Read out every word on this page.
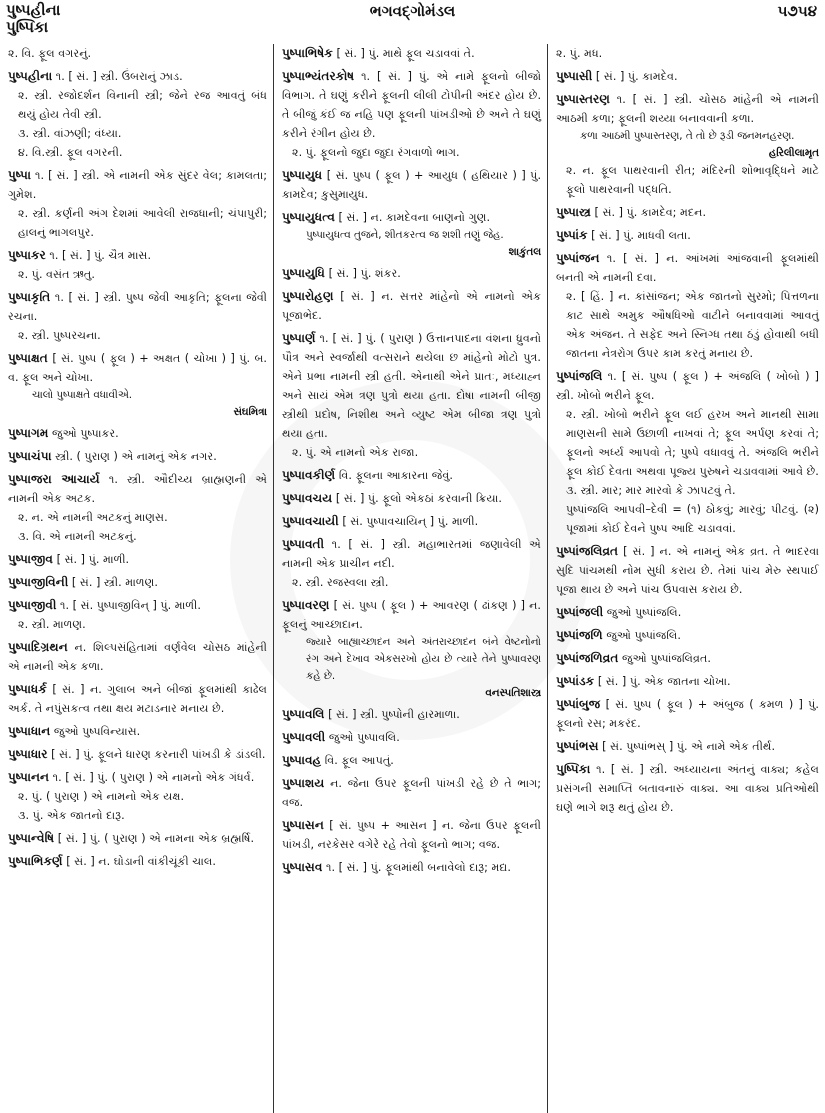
ભગવદ્ગોમંડલ
પુષ્પહીના
પુષ્પિકા
૫૭૫૪
૨. વિ. ફૂલ વગરનું.
પુષ્પહીના ૧. [ સં. ] સ્ત્રી. ઉંબરાનું ઝાડ.
૨. સ્ત્રી. રજોદર્શન વિનાની સ્ત્રી; જેને રજ આવતું બંધ થયું હોય તેવી સ્ત્રી.
૩. સ્ત્રી. વાંઝણી; વંધ્યા.
૪. વિ.સ્ત્રી. ફૂલ વગરની.
પુષ્પા ૧. [ સં. ] સ્ત્રી. એ નામની એક સુંદર વેલ; કામલતા; ગુમેશ.
૨. સ્ત્રી. કર્ણની અંગ દેશમાં આવેલી રાજધાની; ચંપાપુરી; હાલનું ભાગલપુર.
પુષ્પાકર ૧. [ સં. ] પું. ચૈત્ર માસ.
૨. પું. વસંત ઋતુ.
પુષ્પાકૃતિ ૧. [ સં. ] સ્ત્રી. પુષ્પ જેવી આકૃતિ; ફૂલના જેવી રચના.
૨. સ્ત્રી. પુષ્પરચના.
પુષ્પાક્ષત [ સં. પુષ્પ ( ફૂલ ) + અક્ષત ( ચોખા ) ] પું. બ. વ. ફૂલ અને ચોખા.
ચાલો પુષ્પાક્ષતે વધાવીએ.
સંઘમિત્રા
પુષ્પાગમ જુઓ પુષ્પાકર.
પુષ્પાચંપા સ્ત્રી. ( પુરાણ ) એ નામનું એક નગર.
પુષ્પાજરા આચાર્ય ૧. સ્ત્રી. ઔદીચ્ય બ્રાહ્મણની એ નામની એક અટક.
૨. ન. એ નામની અટકનું માણસ.
૩. વિ. એ નામની અટકનું.
પુષ્પાજીવ [ સં. ] પું. માળી.
પુષ્પાજીવિની [ સં. ] સ્ત્રી. માળણ.
પુષ્પાજીવી ૧. [ સં. પુષ્પાજીવિન્ ] પું. માળી.
૨. સ્ત્રી. માળણ.
પુષ્પાદિગ્રથન ન. શિલ્પસંહિતામાં વર્ણવેલ ચોસઠ માંહેની એ નામની એક કળા.
પુષ્પાધર્ક [ સં. ] ન. ગુલાબ અને બીજાં ફૂલમાંથી કાઢેલ અર્ક. તે નપુંસકત્વ તથા ક્ષય મટાડનાર મનાય છે.
પુષ્પાધાન જુઓ પુષ્પવિન્યાસ.
પુષ્પાધાર [ સં. ] પું. ફૂલને ધારણ કરનારી પાંખડી કે ડાંડલી.
પુષ્પાનન ૧. [ સં. ] પું. ( પુરાણ ) એ નામનો એક ગંધર્વ.
૨. પું. ( પુરાણ ) એ નામનો એક યક્ષ.
૩. પું. એક જાતનો દારૂ.
પુષ્પાન્વેષિ [ સં. ] પું. ( પુરાણ ) એ નામના એક બ્રહ્મર્ષિ.
પુષ્પાભિકર્ણ [ સં. ] ન. ઘોડાની વાંકીચૂંકી ચાલ.
પુષ્પાભિષેક [ સં. ] પું. માથે ફૂલ ચડાવવાં તે.
પુષ્પાભ્યંતરકોષ ૧. [ સં. ] પું. એ નામે ફૂલનો બીજો વિભાગ. તે ઘણું કરીને ફૂલની લીલી ટોપીની અંદર હોય છે. તે બીજું કંઈ જ નહિ પણ ફૂલની પાંખડીઓ છે અને તે ઘણું કરીને રંગીન હોય છે.
૨. પું. ફૂલનો જુદા જુદા રંગવાળો ભાગ.
પુષ્પાયુધ [ સં. પુષ્પ ( ફૂલ ) + આયુધ ( હથિયાર ) ] પું. કામદેવ; કુસુમાયુધ.
પુષ્પાયુધત્વ [ સં. ] ન. કામદેવના બાણનો ગુણ.
પુષ્પાયુધત્વ તુજને, શીતકરત્વ જ શશી તણું જેહ.
શાકુંતલ
પુષ્પાયુધિ [ સં. ] પું. શંકર.
પુષ્પારોહણ [ સં. ] ન. સત્તર માંહેનો એ નામનો એક પૂજાભેદ.
પુષ્પાર્ણ ૧. [ સં. ] પું. ( પુરાણ ) ઉત્તાનપાદના વંશના ધ્રુવનો પૌત્ર અને સ્વર્જાથી વત્સરાને થયેલા છ માંહેનો મોટો પુત્ર. એને પ્રભા નામની સ્ત્રી હતી. એનાથી એને પ્રાતઃ, મધ્યાહ્ન અને સાયં એમ ત્રણ પુત્રો થયા હતા. દોષા નામની બીજી સ્ત્રીથી પ્રદોષ, નિશીથ અને વ્યુષ્ટ એમ બીજા ત્રણ પુત્રો થયા હતા.
૨. પું. એ નામનો એક રાજા.
પુષ્પાવકીર્ણ વિ. ફૂલના આકારના જેવું.
પુષ્પાવચય [ સં. ] પું. ફૂલો એકઠાં કરવાની ક્રિયા.
પુષ્પાવચાયી [ સં. પુષ્પાવચાયિન્ ] પું. માળી.
પુષ્પાવતી ૧. [ સં. ] સ્ત્રી. મહાભારતમાં જણાવેલી એ નામની એક પ્રાચીન નદી.
૨. સ્ત્રી. રજસ્વલા સ્ત્રી.
પુષ્પાવરણ [ સં. પુષ્પ ( ફૂલ ) + આવરણ ( ઢાંકણ ) ] ન. ફૂલનું આચ્છાદાન.
જ્યારે બાહ્યાચ્છાદન અને અંતરાચ્છાદન બંને વેષ્ટનોનો રંગ અને દેખાવ એકસરખો હોય છે ત્યારે તેને પુષ્પાવરણ કહે છે.
વનસ્પતિશાસ્ત્ર
પુષ્પાવલિ [ સં. ] સ્ત્રી. પુષ્પોની હારમાળા.
પુષ્પાવલી જુઓ પુષ્પાવલિ.
પુષ્પાવહ વિ. ફૂલ આપતું.
પુષ્પાશય ન. જેના ઉપર ફૂલની પાંખડી રહે છે તે ભાગ; વજ.
પુષ્પાસન [ સં. પુષ્પ + આસન ] ન. જેના ઉપર ફૂલની પાંખડી, નરકેસર વગેરે રહે તેવો ફૂલનો ભાગ; વજ.
પુષ્પાસવ ૧. [ સં. ] પું. ફૂલમાંથી બનાવેલો દારૂ; મદ્ય.
૨. પું. મધ.
પુષ્પાસી [ સં. ] પું. કામદેવ.
પુષ્પાસ્તરણ ૧. [ સં. ] સ્ત્રી. ચોસઠ માંહેની એ નામની આઠમી કળા; ફૂલની શય્યા બનાવવાની કળા.
કળા આઠમી પુષ્પાસ્તરણ, તે તો છે રૂડી જનમનહરણ.
હરિલીલામૃત
૨. ન. ફૂલ પાથરવાની રીત; મંદિરની શોભાવૃદ્ધિને માટે ફૂલો પાથરવાની પદ્ધતિ.
પુષ્પાસ્ત્ર [ સં. ] પું. કામદેવ; મદન.
પુષ્પાંક [ સં. ] પું. માધવી લતા.
પુષ્પાંજન ૧. [ સં. ] ન. આંખમાં આંજવાની ફૂલમાંથી બનતી એ નામની દવા.
૨. [ હિં. ] ન. કાંસાંજન; એક જાતનો સુરમો; પિત્તળના કાટ સાથે અમુક ઔષધિઓ વાટીને બનાવવામાં આવતું એક અંજન. તે સફેદ અને સ્નિગ્ધ તથા ઠંડું હોવાથી બધી જાતના નેત્રરોગ ઉપર કામ કરતું મનાય છે.
પુષ્પાંજલિ ૧. [ સં. પુષ્પ ( ફૂલ ) + અંજલિ ( ખોબો ) ] સ્ત્રી. ખોબો ભરીને ફૂલ.
૨. સ્ત્રી. ખોબો ભરીને ફૂલ લઈ હરખ અને માનથી સામા માણસની સામે ઉછાળી નાખવાં તે; ફૂલ અર્પણ કરવાં તે; ફૂલનો અર્ધ્ય આપવો તે; પુષ્પે વધાવવું તે. અંજલિ ભરીને ફૂલ કોઈ દેવતા અથવા પૂજ્ય પુરુષને ચડાવવામાં આવે છે.
૩. સ્ત્રી. માર; માર મારવો કે ઝાપટવું તે.
પુષ્પાંજલિ આપવી–દેવી = (૧) ઠોકવું; મારવું; પીટવું. (૨) પૂજામાં કોઈ દેવને પુષ્પ આદિ ચડાવવાં.
પુષ્પાંજલિવ્રત [ સં. ] ન. એ નામનું એક વ્રત. તે ભાદરવા સુદિ પાંચમથી નોમ સુધી કરાય છે. તેમાં પાંચ મેરુ સ્થપાઈ પૂજા થાય છે અને પાંચ ઉપવાસ કરાય છે.
પુષ્પાંજલી જુઓ પુષ્પાંજલિ.
પુષ્પાંજળિ જુઓ પુષ્પાંજલિ.
પુષ્પાંજળિવ્રત જુઓ પુષ્પાંજલિવ્રત.
પુષ્પાંડક [ સં. ] પું. એક જાતના ચોખા.
પુષ્પાંબુજ [ સં. પુષ્પ ( ફૂલ ) + અંબુજ ( કમળ ) ] પું. ફૂલનો રસ; મકરંદ.
પુષ્પાંભસ [ સં. પુષ્પાંભસ્ ] પું. એ નામે એક તીર્થ.
પુષ્પિકા ૧. [ સં. ] સ્ત્રી. અધ્યાયના અંતનું વાક્ય; કહેલ પ્રસંગની સમાપ્તિ બતાવનારું વાક્ય. આ વાક્ય પ્રતિઓથી ઘણે ભાગે શરૂ થતું હોય છે.
